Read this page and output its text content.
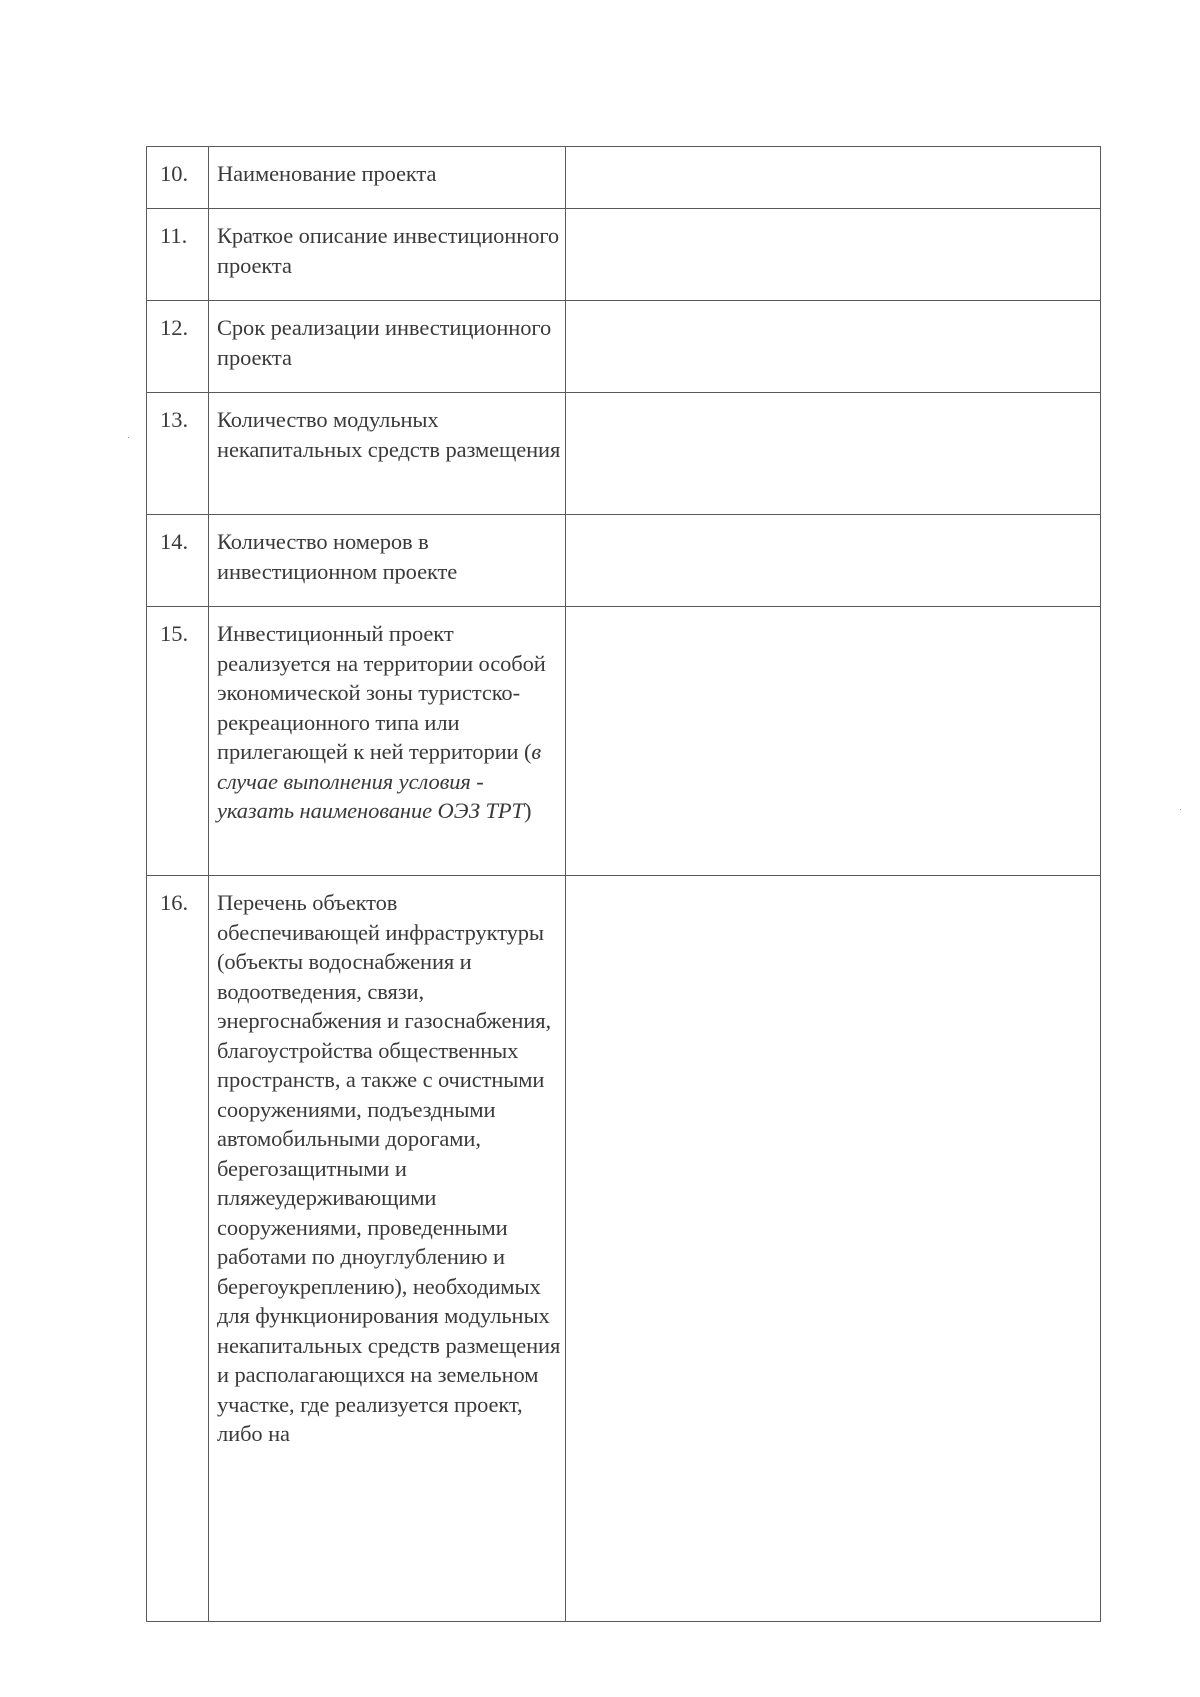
10.	Наименование проекта	
11.	Краткое описание инвестиционного проекта	
12.	Срок реализации инвестиционного проекта	
13.	Количество модульных некапитальных средств размещения	
14.	Количество номеров в инвестиционном проекте	
15.	Инвестиционный проект реализуется на территории особой экономической зоны туристско-рекреационного типа или прилегающей к ней территории (в случае выполнения условия - указать наименование ОЭЗ ТРТ)	
16.	Перечень объектов обеспечивающей инфраструктуры (объекты водоснабжения и водоотведения, связи, энергоснабжения и газоснабжения, благоустройства общественных пространств, а также с очистными сооружениями, подъездными автомобильными дорогами, берегозащитными и пляжеудерживающими сооружениями, проведенными работами по дноуглублению и берегоукреплению), необходимых для функционирования модульных некапитальных средств размещения и располагающихся на земельном участке, где реализуется проект, либо на	
